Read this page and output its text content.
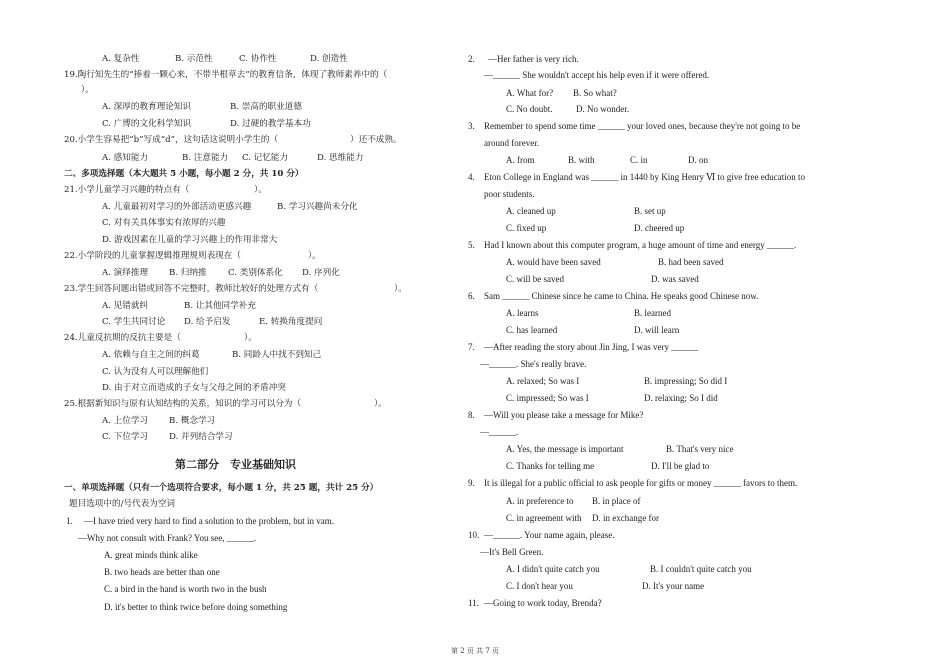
A. 复杂性	B. 示范性	C. 协作性	D. 创造性
19.陶行知先生的“捧着一颗心来，不带半根草去”的教育信条，体现了教师素养中的（
）。
A. 深厚的教育理论知识	B. 崇高的职业道德
C. 广博的文化科学知识	D. 过硬的教学基本功
20.小学生容易把“b”写成“d”，这句话这说明小学生的（	）还不成熟。
A. 感知能力	B. 注意能力 C. 记忆能力	D. 思维能力
二、多项选择题（本大题共 5 小题，每小题 2 分，共 10 分）
21.小学儿童学习兴趣的特点有（	）。
A. 儿童最初对学习的外部活动更感兴趣	B. 学习兴趣尚未分化
C. 对有关具体事实有浓厚的兴趣
D. 游戏因素在儿童的学习兴趣上的作用非常大
22.小学阶段的儿童掌握逻辑推理规则表现在（	）。
A. 演绎推理 B. 归纳推 C. 类别体系化 D. 序列化
23.学生回答问题出错或回答不完整时，教师比较好的处理方式有（	）。
A. 见错就纠	B. 让其他同学补充
C. 学生共同讨论 D. 给予启发	E. 转换角度提问
24.儿童反抗期的反抗主要是（	）。
A. 依赖与自主之间的纠葛	B. 同龄人中找不到知己
C. 认为没有人可以理解他们
D. 由于对立而造成的子女与父母之间的矛盾冲突
25.根据新知识与原有认知结构的关系，知识的学习可以分为（	）。
A. 上位学习 B. 概念学习
C. 下位学习 D. 并列结合学习
第二部分　专业基础知识
一、单项选择题（只有一个选项符合要求，每小题 1 分，共 25 题，共计 25 分）
题目选项中的/号代表为空词
1. —I have tried very hard to find a solution to the problem, but in vam.
—Why not consult with Frank? You see, ______.
A. great minds think alike
B. two heads are better than one
C. a bird in the hand is worth two in the bush
D. it's better to think twice before doing something
2. —Her father is very rich.
—______ She wouldn't accept his help even if it were offered.
A. What for? B. So what?
C. No doubt.	D. No wonder.
3. Remember to spend some time ______ your loved ones, because they're not going to be
around forever.
A. from	B. with	C. in	D. on
4. Eton College in England was ______ in 1440 by King Henry Ⅵ to give free education to
poor students.
A. cleaned up	B. set up
C. fixed up	D. cheered up
5. Had I known about this computer program, a huge amount of time and energy ______.
A. would have been saved	B. had been saved
C. will be saved	D. was saved
6. Sam ______ Chinese since he came to China. He speaks good Chinese now.
A. learns	B. learned
C. has learned	D. will learn
7. —After reading the story about Jin Jing, I was very ______
—______. She's really brave.
A. relaxed; So was I	B. impressing; So did I
C. impressed; So was I	D. relaxing; So I did
8. —Will you please take a message for Mike?
—______.
A. Yes, the message is important	B. That's very nice
C. Thanks for telling me	D. I'll be glad to
9. It is illegal for a public official to ask people for gifts or money ______ favors to them.
A. in preference to B. in place of
C. in agreement with D. in exchange for
10. —______. Your name again, please.
—It's Bell Green.
A. I didn't quite catch you	B. I couldn't quite catch you
C. I don't hear you	D. It's your name
11. —Going to work today, Brenda?
第 2 页 共 7 页
